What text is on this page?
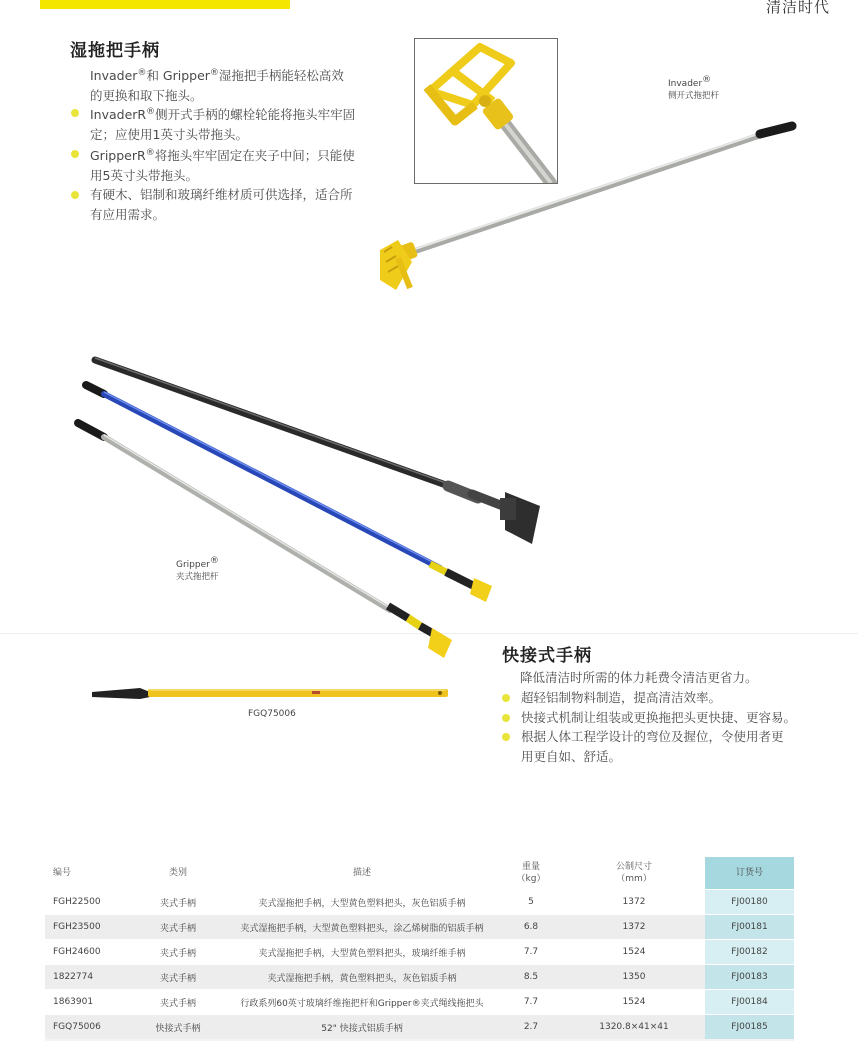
清洁时代
湿拖把手柄

Invader®和 Gripper®湿拖把手柄能轻松高效

的更换和取下拖头。

InvaderR®侧开式手柄的螺栓轮能将拖头牢牢固
定；应使用1英寸头带拖头。
GripperR®将拖头牢牢固定在夹子中间；只能使
用5英寸头带拖头。
有硬木、铝制和玻璃纤维材质可供选择，适合所
有应用需求。
Invader®
侧开式拖把杆
Gripper®
夹式拖把杆
FGQ75006
快接式手柄
降低清洁时所需的体力耗费令清洁更省力。
超轻铝制物料制造，提高清洁效率。
快接式机制让组装或更换拖把头更快捷、更容易。
根据人体工程学设计的弯位及握位，令使用者更
用更自如、舒适。
编号	类别	描述	重量
（kg）	公制尺寸
（mm）	订货号
FGH22500	夹式手柄	夹式湿拖把手柄，大型黄色塑料把头，灰色铝质手柄	5	1372	FJ00180
FGH23500	夹式手柄	夹式湿拖把手柄，大型黄色塑料把头，涂乙烯树脂的铝质手柄	6.8	1372	FJ00181
FGH24600	夹式手柄	夹式湿拖把手柄，大型黄色塑料把头，玻璃纤维手柄	7.7	1524	FJ00182
1822774	夹式手柄	夹式湿拖把手柄，黄色塑料把头，灰色铝质手柄	8.5	1350	FJ00183
1863901	夹式手柄	行政系列60英寸玻璃纤维拖把杆和Gripper®夹式绳线拖把头	7.7	1524	FJ00184
FGQ75006	快接式手柄	52" 快接式铝质手柄	2.7	1320.8×41×41	FJ00185
